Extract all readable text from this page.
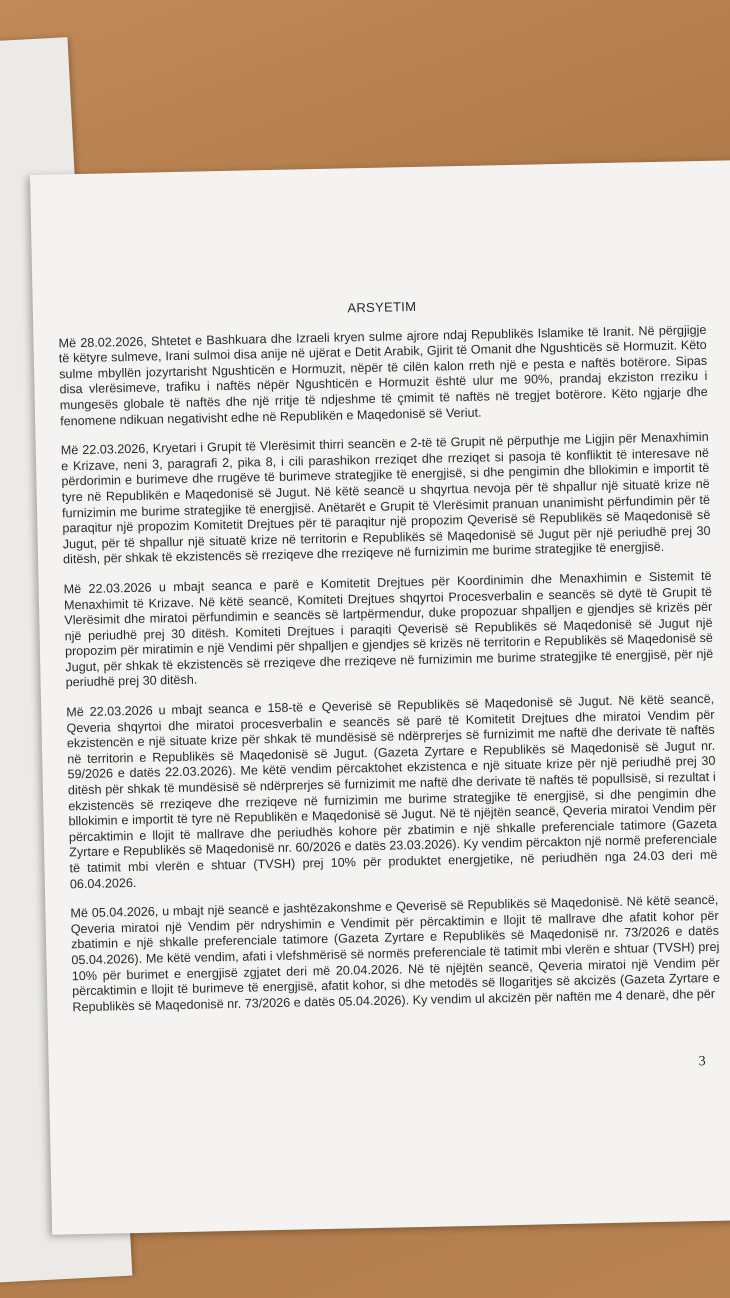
ARSYETIM

Më 28.02.2026, Shtetet e Bashkuara dhe Izraeli kryen sulme ajrore ndaj Republikës Islamike të Iranit. Në përgjigje të këtyre sulmeve, Irani sulmoi disa anije në ujërat e Detit Arabik, Gjirit të Omanit dhe Ngushticës së Hormuzit. Këto sulme mbyllën jozyrtarisht Ngushticën e Hormuzit, nëpër të cilën kalon rreth një e pesta e naftës botërore. Sipas disa vlerësimeve, trafiku i naftës nëpër Ngushticën e Hormuzit është ulur me 90%, prandaj ekziston rreziku i mungesës globale të naftës dhe një rritje të ndjeshme të çmimit të naftës në tregjet botërore. Këto ngjarje dhe fenomene ndikuan negativisht edhe në Republikën e Maqedonisë së Veriut.

Më 22.03.2026, Kryetari i Grupit të Vlerësimit thirri seancën e 2-të të Grupit në përputhje me Ligjin për Menaxhimin e Krizave, neni 3, paragrafi 2, pika 8, i cili parashikon rreziqet dhe rreziqet si pasoja të konfliktit të interesave në përdorimin e burimeve dhe rrugëve të burimeve strategjike të energjisë, si dhe pengimin dhe bllokimin e importit të tyre në Republikën e Maqedonisë së Jugut. Në këtë seancë u shqyrtua nevoja për të shpallur një situatë krize në furnizimin me burime strategjike të energjisë. Anëtarët e Grupit të Vlerësimit pranuan unanimisht përfundimin për të paraqitur një propozim Komitetit Drejtues për të paraqitur një propozim Qeverisë së Republikës së Maqedonisë së Jugut, për të shpallur një situatë krize në territorin e Republikës së Maqedonisë së Jugut për një periudhë prej 30 ditësh, për shkak të ekzistencës së rreziqeve dhe rreziqeve në furnizimin me burime strategjike të energjisë.

Më 22.03.2026 u mbajt seanca e parë e Komitetit Drejtues për Koordinimin dhe Menaxhimin e Sistemit të Menaxhimit të Krizave. Në këtë seancë, Komiteti Drejtues shqyrtoi Procesverbalin e seancës së dytë të Grupit të Vlerësimit dhe miratoi përfundimin e seancës së lartpërmendur, duke propozuar shpalljen e gjendjes së krizës për një periudhë prej 30 ditësh. Komiteti Drejtues i paraqiti Qeverisë së Republikës së Maqedonisë së Jugut një propozim për miratimin e një Vendimi për shpalljen e gjendjes së krizës në territorin e Republikës së Maqedonisë së Jugut, për shkak të ekzistencës së rreziqeve dhe rreziqeve në furnizimin me burime strategjike të energjisë, për një periudhë prej 30 ditësh.

Më 22.03.2026 u mbajt seanca e 158-të e Qeverisë së Republikës së Maqedonisë së Jugut. Në këtë seancë, Qeveria shqyrtoi dhe miratoi procesverbalin e seancës së parë të Komitetit Drejtues dhe miratoi Vendim për ekzistencën e një situate krize për shkak të mundësisë së ndërprerjes së furnizimit me naftë dhe derivate të naftës në territorin e Republikës së Maqedonisë së Jugut. (Gazeta Zyrtare e Republikës së Maqedonisë së Jugut nr. 59/2026 e datës 22.03.2026). Me këtë vendim përcaktohet ekzistenca e një situate krize për një periudhë prej 30 ditësh për shkak të mundësisë së ndërprerjes së furnizimit me naftë dhe derivate të naftës të popullsisë, si rezultat i ekzistencës së rreziqeve dhe rreziqeve në furnizimin me burime strategjike të energjisë, si dhe pengimin dhe bllokimin e importit të tyre në Republikën e Maqedonisë së Jugut. Në të njëjtën seancë, Qeveria miratoi Vendim për përcaktimin e llojit të mallrave dhe periudhës kohore për zbatimin e një shkalle preferenciale tatimore (Gazeta Zyrtare e Republikës së Maqedonisë nr. 60/2026 e datës 23.03.2026). Ky vendim përcakton një normë preferenciale të tatimit mbi vlerën e shtuar (TVSH) prej 10% për produktet energjetike, në periudhën nga 24.03 deri më 06.04.2026.

Më 05.04.2026, u mbajt një seancë e jashtëzakonshme e Qeverisë së Republikës së Maqedonisë. Në këtë seancë, Qeveria miratoi një Vendim për ndryshimin e Vendimit për përcaktimin e llojit të mallrave dhe afatit kohor për zbatimin e një shkalle preferenciale tatimore (Gazeta Zyrtare e Republikës së Maqedonisë nr. 73/2026 e datës 05.04.2026). Me këtë vendim, afati i vlefshmërisë së normës preferenciale të tatimit mbi vlerën e shtuar (TVSH) prej 10% për burimet e energjisë zgjatet deri më 20.04.2026. Në të njëjtën seancë, Qeveria miratoi një Vendim për përcaktimin e llojit të burimeve të energjisë, afatit kohor, si dhe metodës së llogaritjes së akcizës (Gazeta Zyrtare e Republikës së Maqedonisë nr. 73/2026 e datës 05.04.2026). Ky vendim ul akcizën për naftën me 4 denarë, dhe për

3
